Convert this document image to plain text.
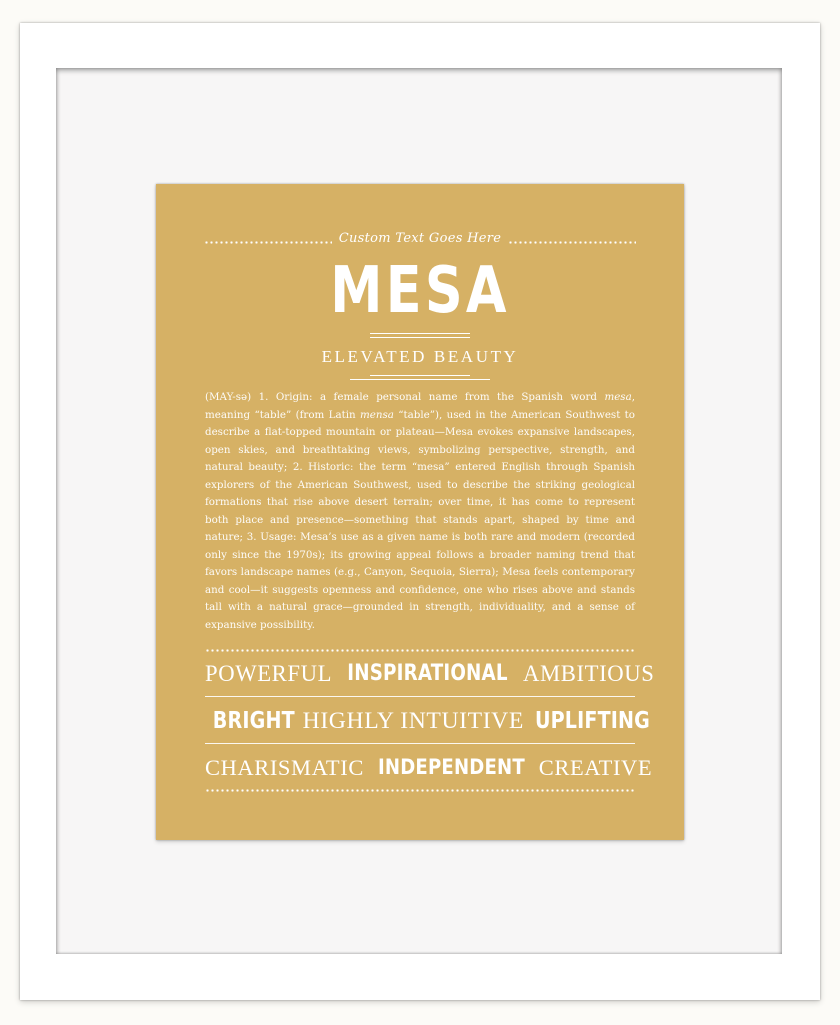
Custom Text Goes Here
MESA
ELEVATED BEAUTY
(MAY-sə) 1. Origin: a female personal name from the Spanish word mesa, meaning “table” (from Latin mensa “table”), used in the American Southwest to describe a flat-topped mountain or plateau—Mesa evokes expansive landscapes, open skies, and breathtaking views, symbolizing perspective, strength, and natural beauty; 2. Historic: the term “mesa” entered English through Spanish explorers of the American Southwest, used to describe the striking geological formations that rise above desert terrain; over time, it has come to represent both place and presence—something that stands apart, shaped by time and nature; 3. Usage: Mesa’s use as a given name is both rare and modern (recorded only since the 1970s); its growing appeal follows a broader naming trend that favors landscape names (e.g., Canyon, Sequoia, Sierra); Mesa feels contemporary and cool—it suggests openness and confidence, one who rises above and stands tall with a natural grace—grounded in strength, individuality, and a sense of expansive possibility.
POWERFUL INSPIRATIONAL AMBITIOUS
BRIGHT HIGHLY INTUITIVE UPLIFTING
CHARISMATIC INDEPENDENT CREATIVE
